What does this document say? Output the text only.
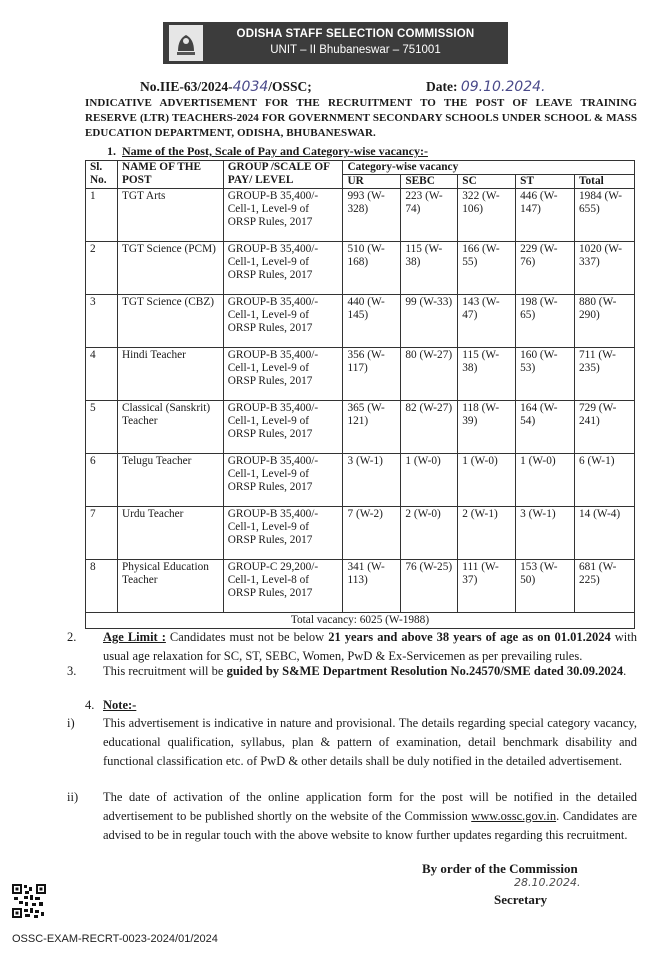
ODISHA STAFF SELECTION COMMISSION
UNIT – II Bhubaneswar – 751001
No.IIE-63/2024-4034/OSSC;	Date: 09.10.2024.
INDICATIVE ADVERTISEMENT FOR THE RECRUITMENT TO THE POST OF LEAVE TRAINING RESERVE (LTR) TEACHERS-2024 FOR GOVERNMENT SECONDARY SCHOOLS UNDER SCHOOL & MASS EDUCATION DEPARTMENT, ODISHA, BHUBANESWAR.
1. Name of the Post, Scale of Pay and Category-wise vacancy:-
Sl. No.	NAME OF THE POST	GROUP /SCALE OF PAY/ LEVEL	Category-wise vacancy				
			UR	SEBC	SC	ST	Total
1	TGT Arts	GROUP-B 35,400/- Cell-1, Level-9 of ORSP Rules, 2017	993 (W-328)	223 (W-74)	322 (W-106)	446 (W-147)	1984 (W-655)
2	TGT Science (PCM)	GROUP-B 35,400/- Cell-1, Level-9 of ORSP Rules, 2017	510 (W-168)	115 (W-38)	166 (W-55)	229 (W-76)	1020 (W-337)
3	TGT Science (CBZ)	GROUP-B 35,400/- Cell-1, Level-9 of ORSP Rules, 2017	440 (W-145)	99 (W-33)	143 (W-47)	198 (W-65)	880 (W-290)
4	Hindi Teacher	GROUP-B 35,400/- Cell-1, Level-9 of ORSP Rules, 2017	356 (W-117)	80 (W-27)	115 (W-38)	160 (W-53)	711 (W-235)
5	Classical (Sanskrit) Teacher	GROUP-B 35,400/- Cell-1, Level-9 of ORSP Rules, 2017	365 (W-121)	82 (W-27)	118 (W-39)	164 (W-54)	729 (W-241)
6	Telugu Teacher	GROUP-B 35,400/- Cell-1, Level-9 of ORSP Rules, 2017	3 (W-1)	1 (W-0)	1 (W-0)	1 (W-0)	6 (W-1)
7	Urdu Teacher	GROUP-B 35,400/- Cell-1, Level-9 of ORSP Rules, 2017	7 (W-2)	2 (W-0)	2 (W-1)	3 (W-1)	14 (W-4)
8	Physical Education Teacher	GROUP-C 29,200/- Cell-1, Level-8 of ORSP Rules, 2017	341 (W-113)	76 (W-25)	111 (W-37)	153 (W-50)	681 (W-225)
Total vacancy: 6025 (W-1988)							
2. Age Limit : Candidates must not be below 21 years and above 38 years of age as on 01.01.2024 with usual age relaxation for SC, ST, SEBC, Women, PwD & Ex-Servicemen as per prevailing rules.
3. This recruitment will be guided by S&ME Department Resolution No.24570/SME dated 30.09.2024.
4. Note:-
i) This advertisement is indicative in nature and provisional. The details regarding special category vacancy, educational qualification, syllabus, plan & pattern of examination, detail benchmark disability and functional classification etc. of PwD & other details shall be duly notified in the detailed advertisement.
ii) The date of activation of the online application form for the post will be notified in the detailed advertisement to be published shortly on the website of the Commission www.ossc.gov.in. Candidates are advised to be in regular touch with the above website to know further updates regarding this recruitment.
By order of the Commission
28.10.2024.
Secretary
OSSC-EXAM-RECRT-0023-2024/01/2024
